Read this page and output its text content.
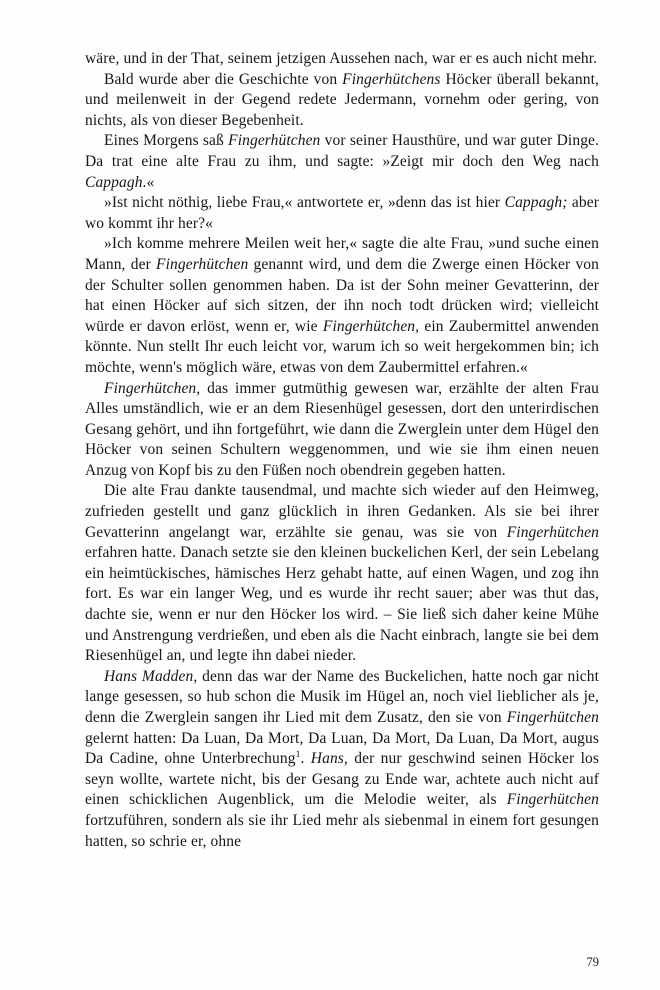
wäre, und in der That, seinem jetzigen Aussehen nach, war er es auch nicht mehr.

Bald wurde aber die Geschichte von Fingerhütchens Höcker überall bekannt, und meilenweit in der Gegend redete Jedermann, vornehm oder gering, von nichts, als von dieser Begebenheit.

Eines Morgens saß Fingerhütchen vor seiner Hausthüre, und war guter Dinge. Da trat eine alte Frau zu ihm, und sagte: »Zeigt mir doch den Weg nach Cappagh.«

»Ist nicht nöthig, liebe Frau,« antwortete er, »denn das ist hier Cappagh; aber wo kommt ihr her?«

»Ich komme mehrere Meilen weit her,« sagte die alte Frau, »und suche einen Mann, der Fingerhütchen genannt wird, und dem die Zwerge einen Höcker von der Schulter sollen genommen haben. Da ist der Sohn meiner Gevatterinn, der hat einen Höcker auf sich sitzen, der ihn noch todt drücken wird; vielleicht würde er davon erlöst, wenn er, wie Fingerhütchen, ein Zaubermittel anwenden könnte. Nun stellt Ihr euch leicht vor, warum ich so weit hergekommen bin; ich möchte, wenn's möglich wäre, etwas von dem Zaubermittel erfahren.«

Fingerhütchen, das immer gutmüthig gewesen war, erzählte der alten Frau Alles umständlich, wie er an dem Riesenhügel gesessen, dort den unterirdischen Gesang gehört, und ihn fortgeführt, wie dann die Zwerglein unter dem Hügel den Höcker von seinen Schultern weggenommen, und wie sie ihm einen neuen Anzug von Kopf bis zu den Füßen noch obendrein gegeben hatten.

Die alte Frau dankte tausendmal, und machte sich wieder auf den Heimweg, zufrieden gestellt und ganz glücklich in ihren Gedanken. Als sie bei ihrer Gevatterinn angelangt war, erzählte sie genau, was sie von Fingerhütchen erfahren hatte. Danach setzte sie den kleinen buckelichen Kerl, der sein Lebelang ein heimtückisches, hämisches Herz gehabt hatte, auf einen Wagen, und zog ihn fort. Es war ein langer Weg, und es wurde ihr recht sauer; aber was thut das, dachte sie, wenn er nur den Höcker los wird. – Sie ließ sich daher keine Mühe und Anstrengung verdrießen, und eben als die Nacht einbrach, langte sie bei dem Riesenhügel an, und legte ihn dabei nieder.

Hans Madden, denn das war der Name des Buckelichen, hatte noch gar nicht lange gesessen, so hub schon die Musik im Hügel an, noch viel lieblicher als je, denn die Zwerglein sangen ihr Lied mit dem Zusatz, den sie von Fingerhütchen gelernt hatten: Da Luan, Da Mort, Da Luan, Da Mort, Da Luan, Da Mort, augus Da Cadine, ohne Unterbrechung$^1$. Hans, der nur geschwind seinen Höcker los seyn wollte, wartete nicht, bis der Gesang zu Ende war, achtete auch nicht auf einen schicklichen Augenblick, um die Melodie weiter, als Fingerhütchen fortzuführen, sondern als sie ihr Lied mehr als siebenmal in einem fort gesungen hatten, so schrie er, ohne

79
